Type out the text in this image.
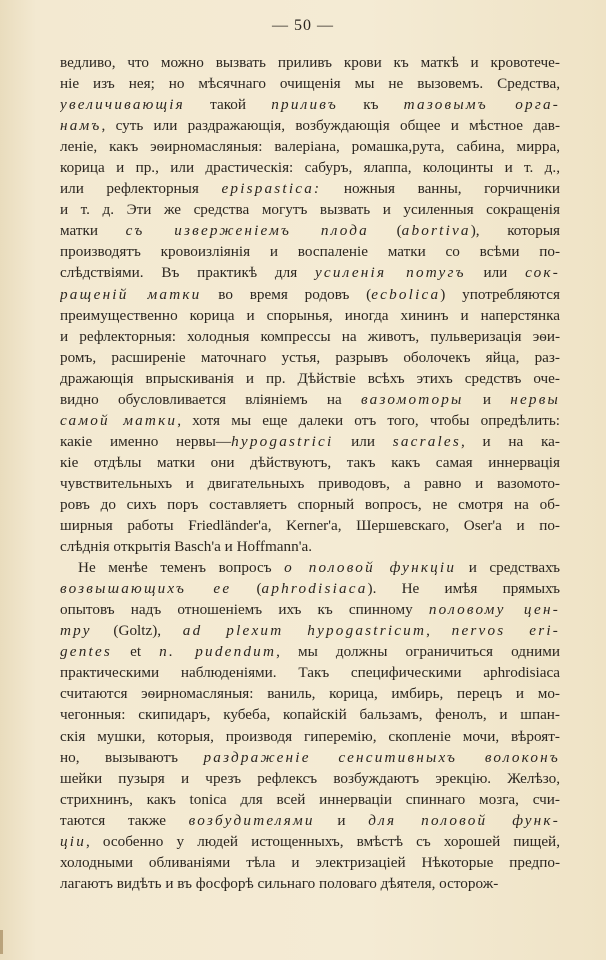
— 50 —
ведливо, что можно вызвать приливъ крови къ маткѣ и кровотече-
ніе изъ нея; но мѣсячнаго очищенія мы не вызовемъ. Средства,
увеличивающія такой приливъ къ тазовымъ орга-
намъ, суть или раздражающія, возбуждающія общее и мѣстное дав-
леніе, какъ эѳирномасляныя: валеріана, ромашка,рута, сабина, мирра,
корица и пр., или драстическія: сабуръ, ялаппа, колоцинты и т. д.,
или рефлекторныя epispastica: ножныя ванны, горчичники
и т. д. Эти же средства могутъ вызвать и усиленныя сокращенія
матки съ изверженіемъ плода (abortiva), которыя
производятъ кровоизліянія и воспаленіе матки со всѣми по-
слѣдствіями. Въ практикѣ для усиленія потугъ или сок-
ращеній матки во время родовъ (ecbolica) употребляются
преимущественно корица и спорынья, иногда хининъ и наперстянка
и рефлекторныя: холодныя компрессы на животъ, пульверизація эѳи-
ромъ, расширеніе маточнаго устья, разрывъ оболочекъ яйца, раз-
дражающія впрыскиванія и пр. Дѣйствіе всѣхъ этихъ средствъ оче-
видно обусловливается вліяніемъ на вазомоторы и нервы
самой матки, хотя мы еще далеки отъ того, чтобы опредѣлить:
какіе именно нервы—hypogastrici или sacrales, и на ка-
кіе отдѣлы матки они дѣйствуютъ, такъ какъ самая иннервація
чувствительныхъ и двигательныхъ приводовъ, а равно и вазомото-
ровъ до сихъ поръ составляетъ спорный вопросъ, не смотря на об-
ширныя работы Friedländer'а, Kerner'а, Шершевскаго, Oser'а и по-
слѣднія открытія Basch'а и Hoffmann'а.
Не менѣе теменъ вопросъ о половой функціи и средствахъ
возвышающихъ ее (aphrodisiaca). Не имѣя прямыхъ
опытовъ надъ отношеніемъ ихъ къ спинному половому цен-
тру (Goltz), ad plexum hypogastricum, nervos eri-
gentes et n. pudendum, мы должны ограничиться одними
практическими наблюденіями. Такъ специфическими aphrodisiaca
считаются эѳирномасляныя: ваниль, корица, имбирь, перецъ и мо-
чегонныя: скипидаръ, кубеба, копайскій бальзамъ, фенолъ, и шпан-
скія мушки, которыя, производя гиперемію, скопленіе мочи, вѣроят-
но, вызываютъ раздраженіе сенситивныхъ волоконъ
шейки пузыря и чрезъ рефлексъ возбуждаютъ эрекцію. Желѣзо,
стрихнинъ, какъ tonica для всей иннерваціи спиннаго мозга, счи-
таются также возбудителями и для половой функ-
ціи, особенно у людей истощенныхъ, вмѣстѣ съ хорошей пищей,
холодными обливаніями тѣла и электризаціей Нѣкоторые предпо-
лагаютъ видѣть и въ фосфорѣ сильнаго половаго дѣятеля, осторож-
